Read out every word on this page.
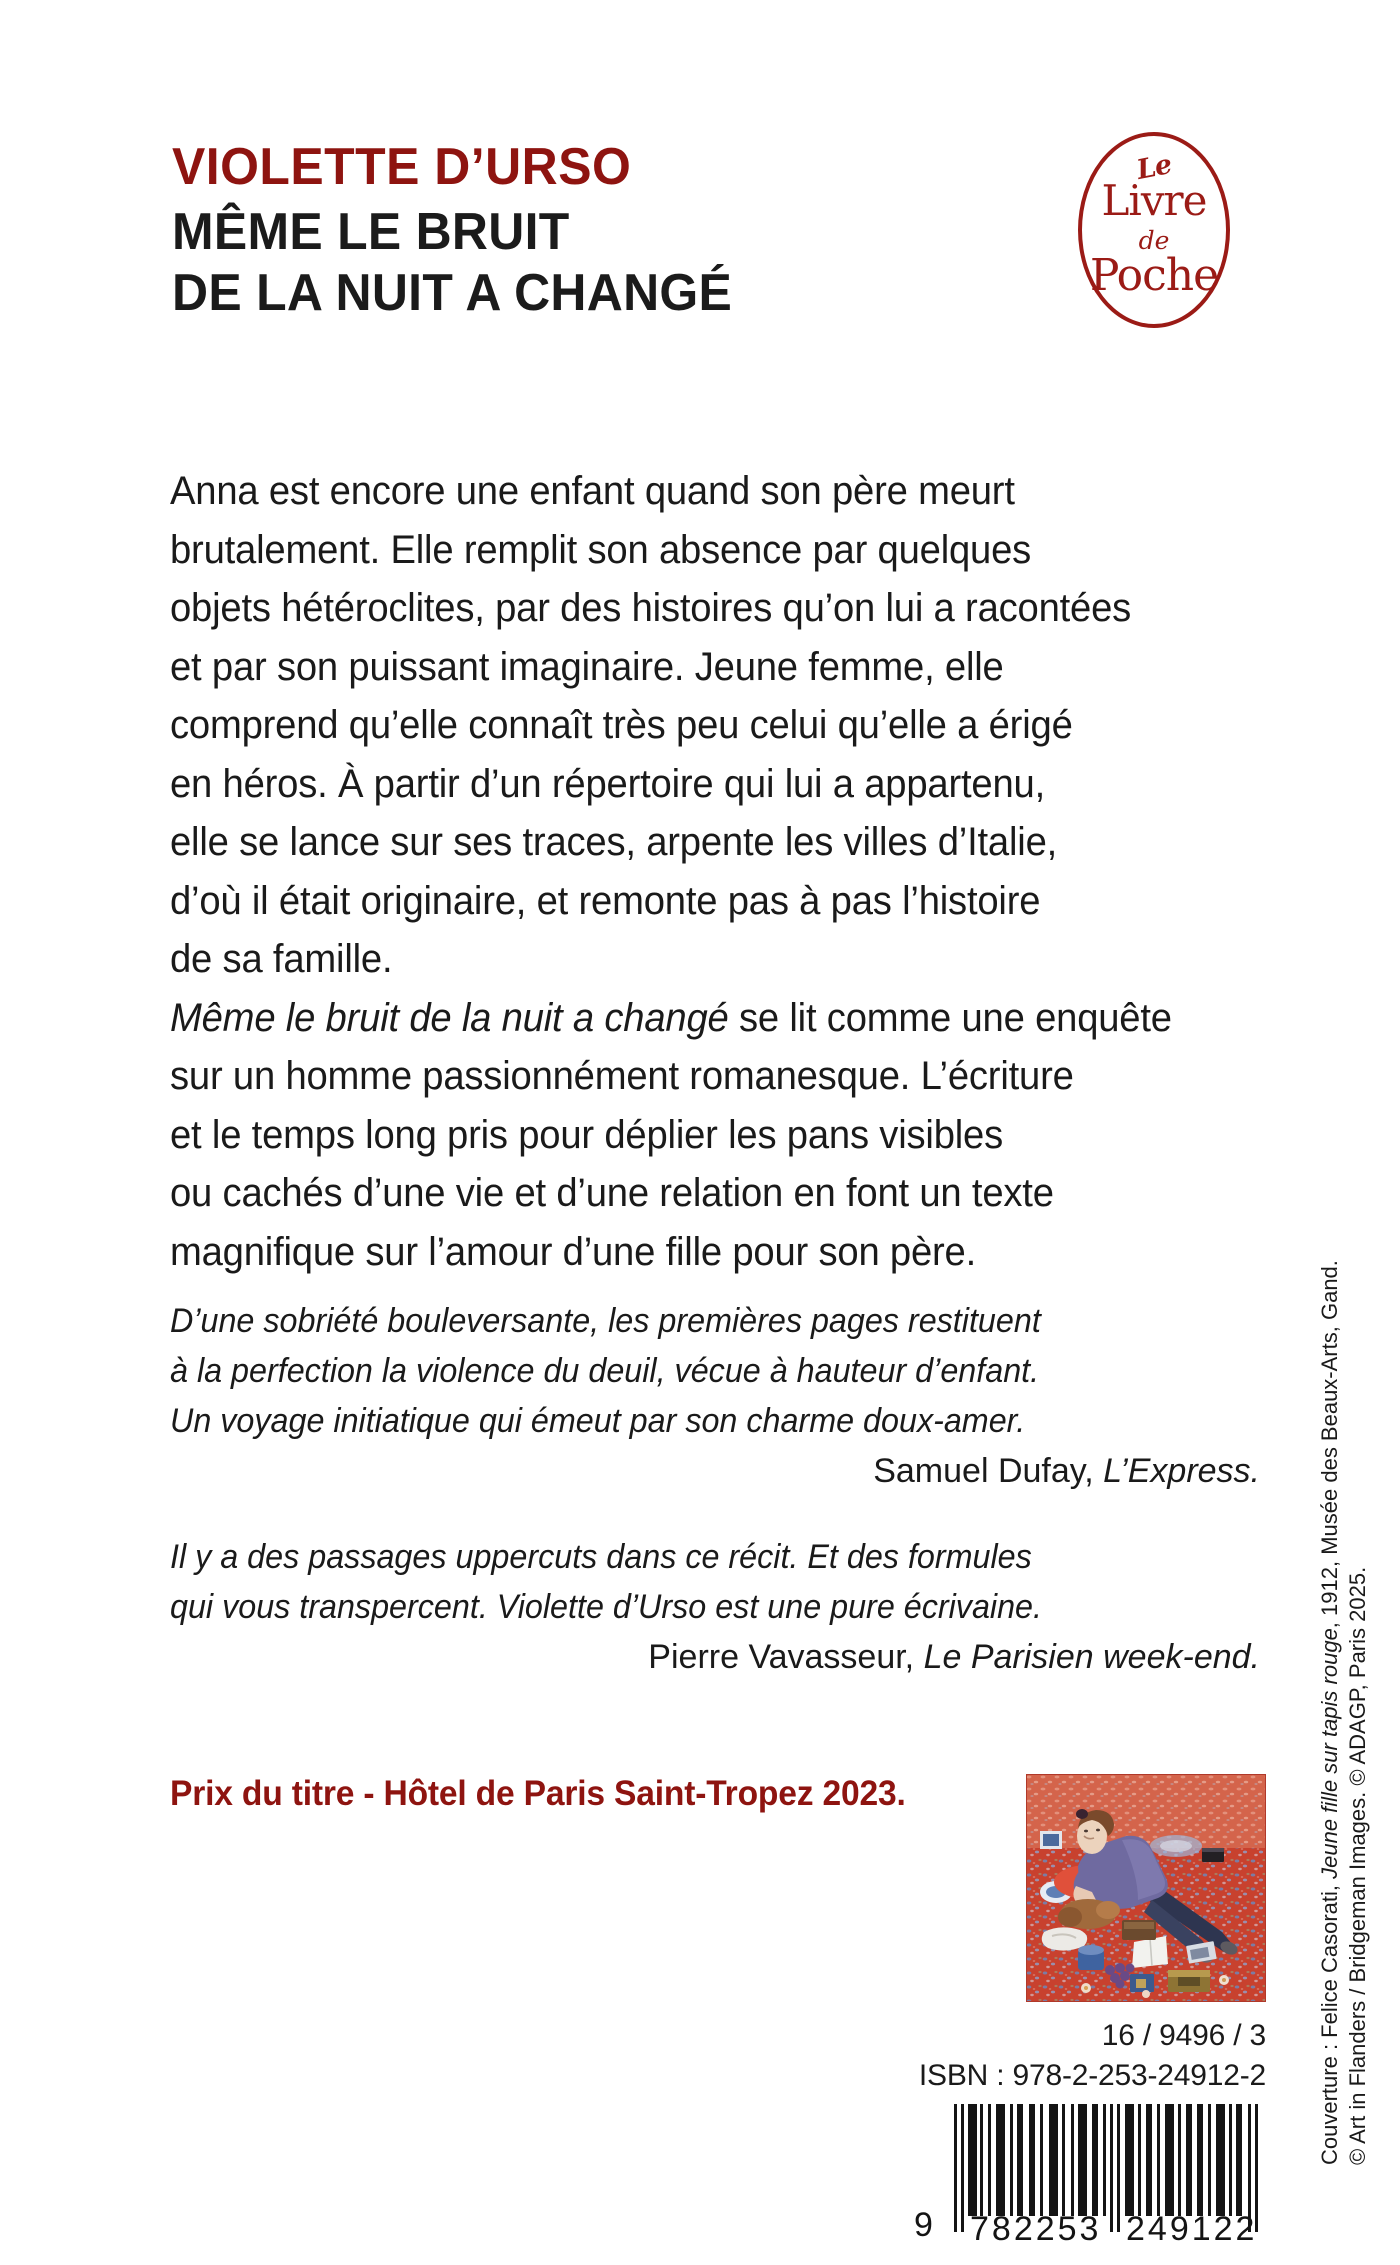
VIOLETTE D’URSO
MÊME LE BRUIT
DE LA NUIT A CHANGÉ
Le
Livre
de
Poche

Anna est encore une enfant quand son père meurt
brutalement. Elle remplit son absence par quelques
objets hétéroclites, par des histoires qu’on lui a racontées
et par son puissant imaginaire. Jeune femme, elle
comprend qu’elle connaît très peu celui qu’elle a érigé
en héros. À partir d’un répertoire qui lui a appartenu,
elle se lance sur ses traces, arpente les villes d’Italie,
d’où il était originaire, et remonte pas à pas l’histoire
de sa famille.

Même le bruit de la nuit a changé se lit comme une enquête
sur un homme passionnément romanesque. L’écriture
et le temps long pris pour déplier les pans visibles
ou cachés d’une vie et d’une relation en font un texte
magnifique sur l’amour d’une fille pour son père.

D’une sobriété bouleversante, les premières pages restituent
à la perfection la violence du deuil, vécue à hauteur d’enfant.
Un voyage initiatique qui émeut par son charme doux-amer.
Samuel Dufay, L’Express.
Il y a des passages uppercuts dans ce récit. Et des formules
qui vous transpercent. Violette d’Urso est une pure écrivaine.
Pierre Vavasseur, Le Parisien week-end.
Prix du titre - Hôtel de Paris Saint-Tropez 2023.
16 / 9496 / 3
ISBN : 978-2-253-24912-2
9 782253 249122
Couverture : Felice Casorati, Jeune fille sur tapis rouge, 1912, Musée des Beaux-Arts, Gand.
© Art in Flanders / Bridgeman Images. © ADAGP, Paris 2025.
